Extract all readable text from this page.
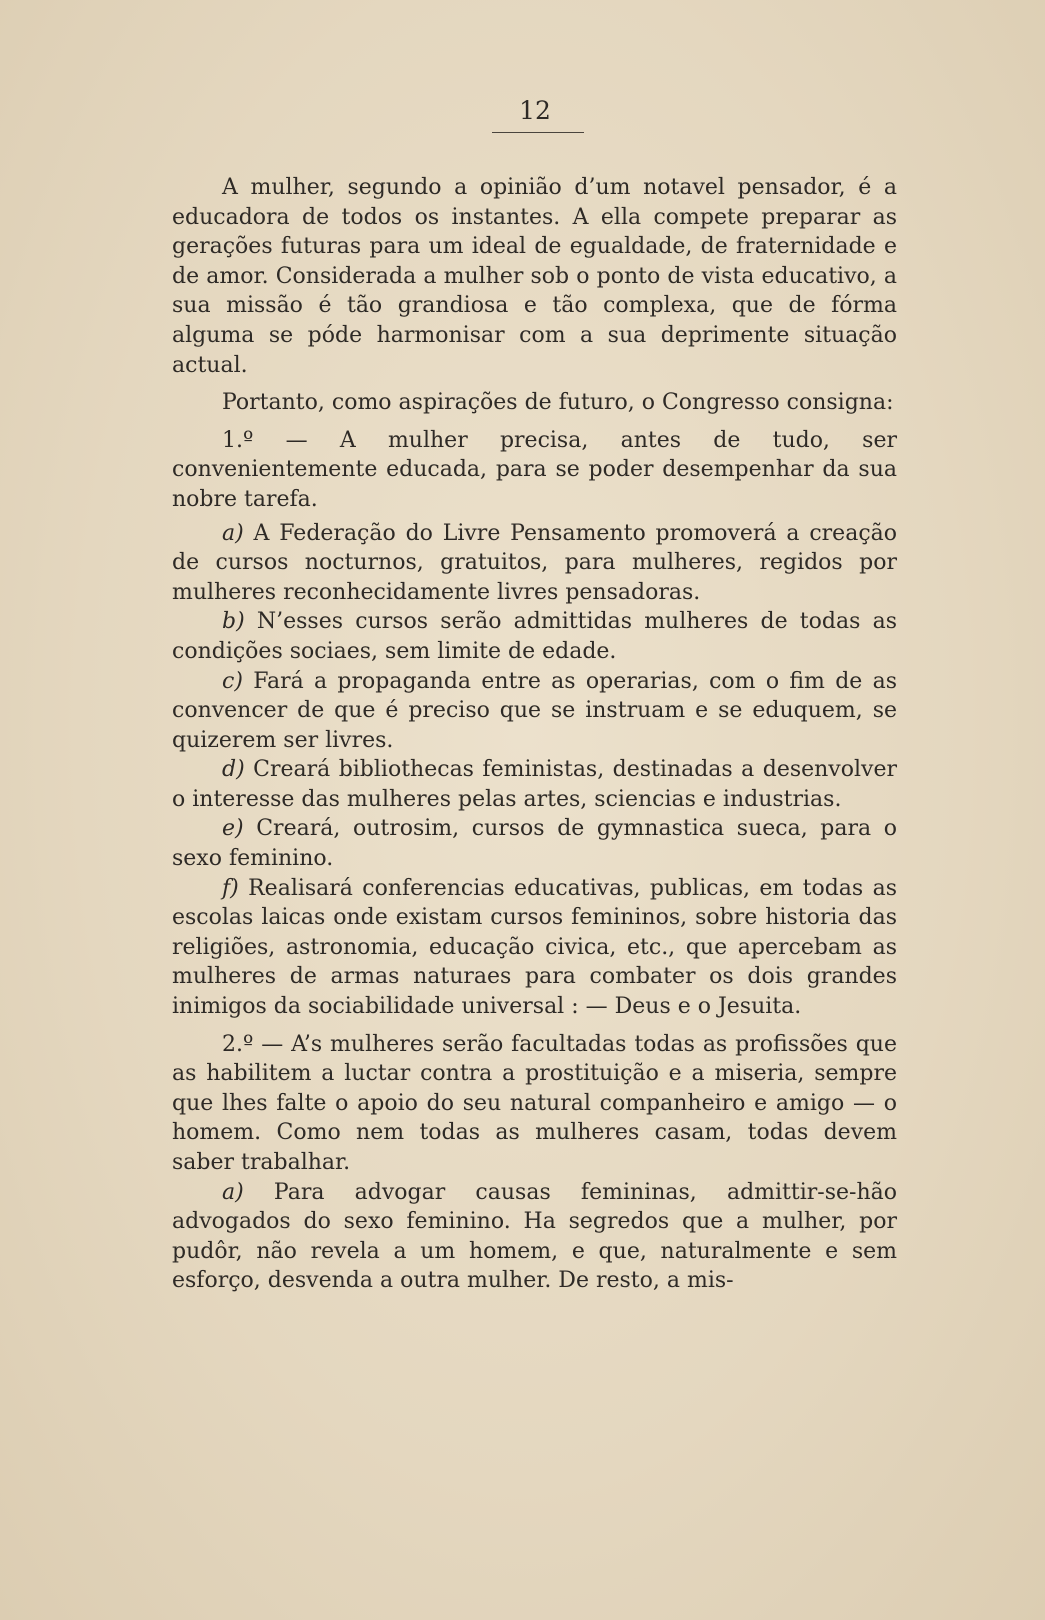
12

A mulher, segundo a opinião d’um notavel pensador, é a educadora de todos os instantes. A ella compete preparar as gerações futuras para um ideal de egualdade, de fraternidade e de amor. Considerada a mulher sob o ponto de vista educativo, a sua missão é tão grandiosa e tão complexa, que de fórma alguma se póde harmonisar com a sua deprimente situação actual.

Portanto, como aspirações de futuro, o Congresso consigna:

1.º — A mulher precisa, antes de tudo, ser convenientemente educada, para se poder desempenhar da sua nobre tarefa.

a) A Federação do Livre Pensamento promoverá a creação de cursos nocturnos, gratuitos, para mulheres, regidos por mulheres reconhecidamente livres pensadoras.

b) N’esses cursos serão admittidas mulheres de todas as condições sociaes, sem limite de edade.

c) Fará a propaganda entre as operarias, com o fim de as convencer de que é preciso que se instruam e se eduquem, se quizerem ser livres.

d) Creará bibliothecas feministas, destinadas a desenvolver o interesse das mulheres pelas artes, sciencias e industrias.

e) Creará, outrosim, cursos de gymnastica sueca, para o sexo feminino.

f) Realisará conferencias educativas, publicas, em todas as escolas laicas onde existam cursos femininos, sobre historia das religiões, astronomia, educação civica, etc., que apercebam as mulheres de armas naturaes para combater os dois grandes inimigos da sociabilidade universal : — Deus e o Jesuita.

2.º — A’s mulheres serão facultadas todas as profissões que as habilitem a luctar contra a prostituição e a miseria, sempre que lhes falte o apoio do seu natural companheiro e amigo — o homem. Como nem todas as mulheres casam, todas devem saber trabalhar.

a) Para advogar causas femininas, admittir-se-hão advogados do sexo feminino. Ha segredos que a mulher, por pudôr, não revela a um homem, e que, naturalmente e sem esforço, desvenda a outra mulher. De resto, a mis-
